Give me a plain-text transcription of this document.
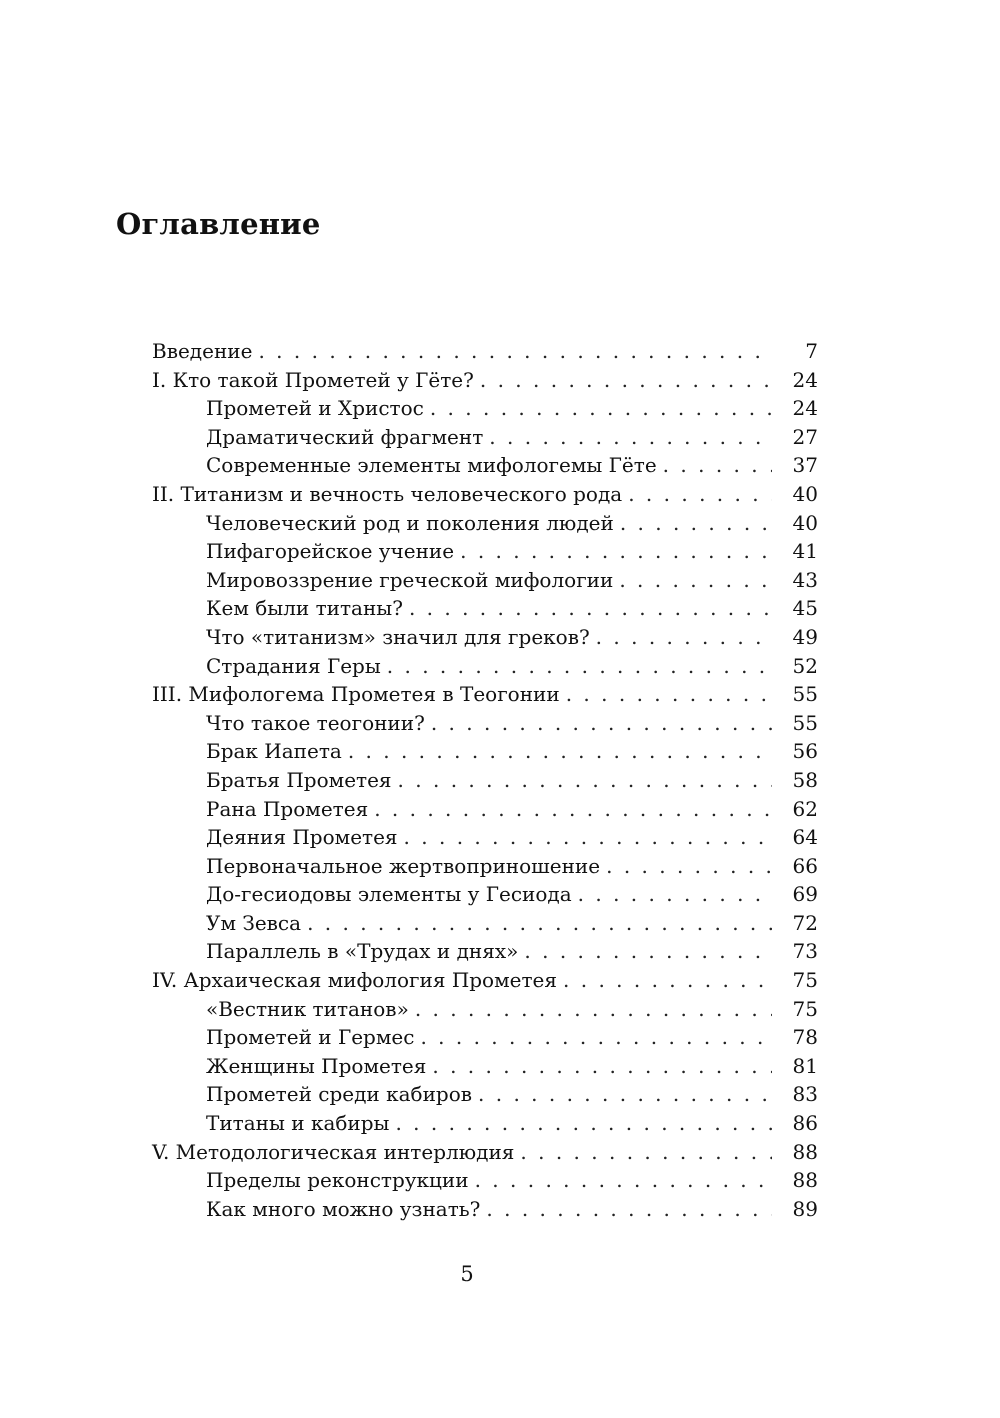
Оглавление
Введение . . .	7
I. Кто такой Прометей у Гёте? . . .	24
Прометей и Христос . . .	24
Драматический фрагмент . . .	27
Современные элементы мифологемы Гёте . . .	37
II. Титанизм и вечность человеческого рода . . .	40
Человеческий род и поколения людей . . .	40
Пифагорейское учение . . .	41
Мировоззрение греческой мифологии . . .	43
Кем были титаны? . . .	45
Что «титанизм» значил для греков? . . .	49
Страдания Геры . . .	52
III. Мифологема Прометея в Теогонии . . .	55
Что такое теогонии? . . .	55
Брак Иапета . . .	56
Братья Прометея . . .	58
Рана Прометея . . .	62
Деяния Прометея . . .	64
Первоначальное жертвоприношение . . .	66
До-гесиодовы элементы у Гесиода . . .	69
Ум Зевса . . .	72
Параллель в «Трудах и днях» . . .	73
IV. Архаическая мифология Прометея . . .	75
«Вестник титанов» . . .	75
Прометей и Гермес . . .	78
Женщины Прометея . . .	81
Прометей среди кабиров . . .	83
Титаны и кабиры . . .	86
V. Методологическая интерлюдия . . .	88
Пределы реконструкции . . .	88
Как много можно узнать? . . .	89
5
